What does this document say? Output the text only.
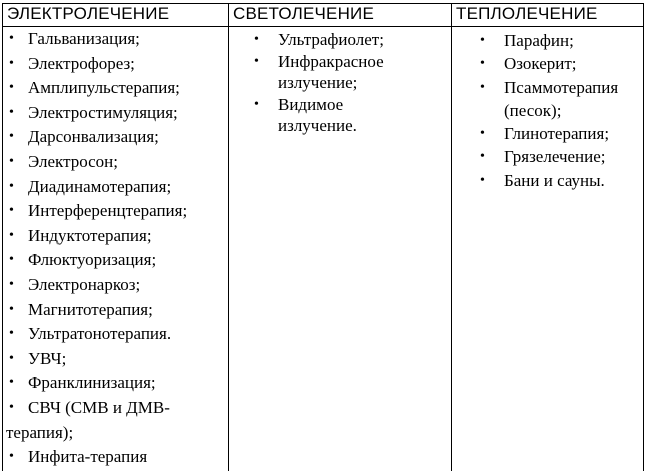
ЭЛЕКТРОЛЕЧЕНИЕ	СВЕТОЛЕЧЕНИЕ	ТЕПЛОЛЕЧЕНИЕ
• Гальванизация;
• Электрофорез;
• Амплипульстерапия;
• Электростимуляция;
• Дарсонвализация;
• Электросон;
• Диадинамотерапия;
• Интерференцтерапия;
• Индуктотерапия;
• Флюктуоризация;
• Электронаркоз;
• Магнитотерапия;
• Ультратонотерапия.
• УВЧ;
• Франклинизация;
• СВЧ (СМВ и ДМВ-
терапия);
• Инфита-терапия
• Ультрафиолет;
• Инфракрасное
излучение;
• Видимое
излучение.
• Парафин;
• Озокерит;
• Псаммотерапия
(песок);
• Глинотерапия;
• Грязелечение;
• Бани и сауны.
